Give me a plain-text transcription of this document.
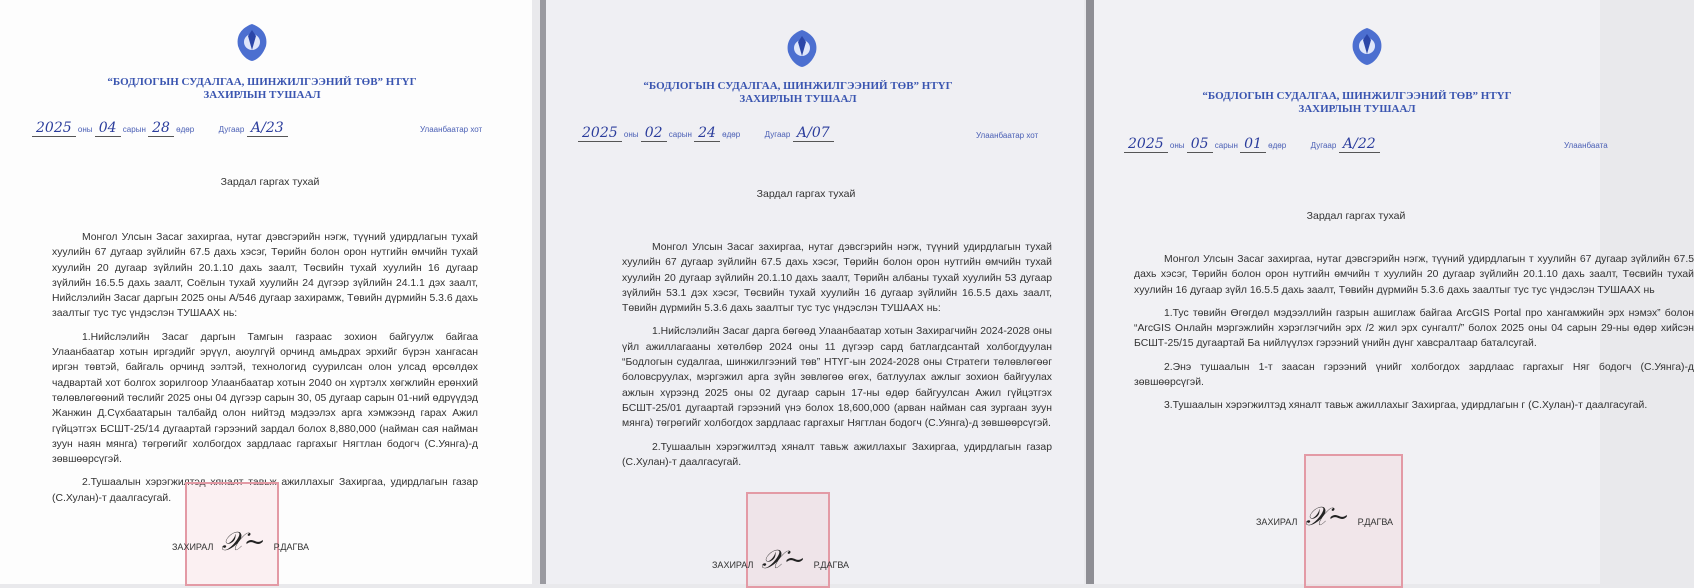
“БОДЛОГЫН СУДАЛГАА, ШИНЖИЛГЭЭНИЙ ТӨВ” НТҮГ
ЗАХИРЛЫН ТУШААЛ
2025 оны 04 сарын 28 өдөр	Дугаар А/23	Улаанбаатар хот
Зардал гаргах тухай

Монгол Улсын Засаг захиргаа, нутаг дэвсгэрийн нэгж, түүний удирдлагын тухай хуулийн 67 дугаар зүйлийн 67.5 дахь хэсэг, Төрийн болон орон нутгийн өмчийн тухай хуулийн 20 дугаар зүйлийн 20.1.10 дахь заалт, Төсвийн тухай хуулийн 16 дугаар зүйлийн 16.5.5 дахь заалт, Соёлын тухай хуулийн 24 дүгээр зүйлийн 24.1.1 дэх заалт, Нийслэлийн Засаг даргын 2025 оны А/546 дугаар захирамж, Төвийн дүрмийн 5.3.6 дахь заалтыг тус тус үндэслэн ТУШААХ нь:

1.Нийслэлийн Засаг даргын Тамгын газраас зохион байгуулж байгаа Улаанбаатар хотын иргэдийг эрүүл, аюулгүй орчинд амьдрах эрхийг бүрэн хангасан иргэн төвтэй, байгаль орчинд ээлтэй, технологид суурилсан олон улсад өрсөлдөх чадвартай хот болгох зорилгоор Улаанбаатар хотын 2040 он хүртэлх хөгжлийн ерөнхий төлөвлөгөөний төслийг 2025 оны 04 дүгээр сарын 30, 05 дугаар сарын 01-ний өдрүүдэд Жанжин Д.Сүхбаатарын талбайд олон нийтэд мэдээлэх арга хэмжээнд гарах Ажил гүйцэтгэх БСШТ-25/14 дугаартай гэрээний зардал болох 8,880,000 (найман сая найман зуун наян мянга) төгрөгийг холбогдох зардлаас гаргахыг Нягтлан бодогч (С.Уянга)-д зөвшөөрсүгэй.

2.Тушаалын хэрэгжилтэд хяналт тавьж ажиллахыг Захиргаа, удирдлагын газар (С.Хулан)-т даалгасугай.

ЗАХИРАЛ 𝒳~ Р.ДАГВА
“БОДЛОГЫН СУДАЛГАА, ШИНЖИЛГЭЭНИЙ ТӨВ” НТҮГ
ЗАХИРЛЫН ТУШААЛ
2025 оны 02 сарын 24 өдөр	Дугаар А/07	Улаанбаатар хот
Зардал гаргах тухай

Монгол Улсын Засаг захиргаа, нутаг дэвсгэрийн нэгж, түүний удирдлагын тухай хуулийн 67 дугаар зүйлийн 67.5 дахь хэсэг, Төрийн болон орон нутгийн өмчийн тухай хуулийн 20 дугаар зүйлийн 20.1.10 дахь заалт, Төрийн албаны тухай хуулийн 53 дугаар зүйлийн 53.1 дэх хэсэг, Төсвийн тухай хуулийн 16 дугаар зүйлийн 16.5.5 дахь заалт, Төвийн дүрмийн 5.3.6 дахь заалтыг тус тус үндэслэн ТУШААХ нь:

1.Нийслэлийн Засаг дарга бөгөөд Улаанбаатар хотын Захирагчийн 2024-2028 оны үйл ажиллагааны хөтөлбөр 2024 оны 11 дүгээр сард батлагдсантай холбогдуулан “Бодлогын судалгаа, шинжилгээний төв” НТҮГ-ын 2024-2028 оны Стратеги төлөвлөгөөг боловсруулах, мэргэжил арга зүйн зөвлөгөө өгөх, батлуулах ажлыг зохион байгуулах ажлын хүрээнд 2025 оны 02 дугаар сарын 17-ны өдөр байгуулсан Ажил гүйцэтгэх БСШТ-25/01 дугаартай гэрээний үнэ болох 18,600,000 (арван найман сая зургаан зуун мянга) төгрөгийг холбогдох зардлаас гаргахыг Нягтлан бодогч (С.Уянга)-д зөвшөөрсүгэй.

2.Тушаалын хэрэгжилтэд хяналт тавьж ажиллахыг Захиргаа, удирдлагын газар (С.Хулан)-т даалгасугай.

ЗАХИРАЛ 𝒳~ Р.ДАГВА
“БОДЛОГЫН СУДАЛГАА, ШИНЖИЛГЭЭНИЙ ТӨВ” НТҮГ
ЗАХИРЛЫН ТУШААЛ
2025 оны 05 сарын 01 өдөр	Дугаар А/22	Улаанбаата
Зардал гаргах тухай

Монгол Улсын Засаг захиргаа, нутаг дэвсгэрийн нэгж, түүний удирдлагын т хуулийн 67 дугаар зүйлийн 67.5 дахь хэсэг, Төрийн болон орон нутгийн өмчийн т хуулийн 20 дугаар зүйлийн 20.1.10 дахь заалт, Төсвийн тухай хуулийн 16 дугаар зүйл 16.5.5 дахь заалт, Төвийн дүрмийн 5.3.6 дахь заалтыг тус тус үндэслэн ТУШААХ нь

1.Тус төвийн Өгөгдөл мэдээллийн газрын ашиглаж байгаа ArcGIS Portal про хангамжийн эрх нэмэх” болон “ArcGIS Онлайн мэргэжлийн хэрэглэгчийн эрх /2 жил эрх сунгалт/” болох 2025 оны 04 сарын 29-ны өдөр хийсэн БСШТ-25/15 дугаартай Ба нийлүүлэх гэрээний үнийн дүнг хавсралтаар баталсугай.

2.Энэ тушаалын 1-т заасан гэрээний үнийг холбогдох зардлаас гаргахыг Няг бодогч (С.Уянга)-д зөвшөөрсүгэй.

3.Тушаалын хэрэгжилтэд хяналт тавьж ажиллахыг Захиргаа, удирдлагын г (С.Хулан)-т даалгасугай.

ЗАХИРАЛ 𝒳~ Р.ДАГВА
